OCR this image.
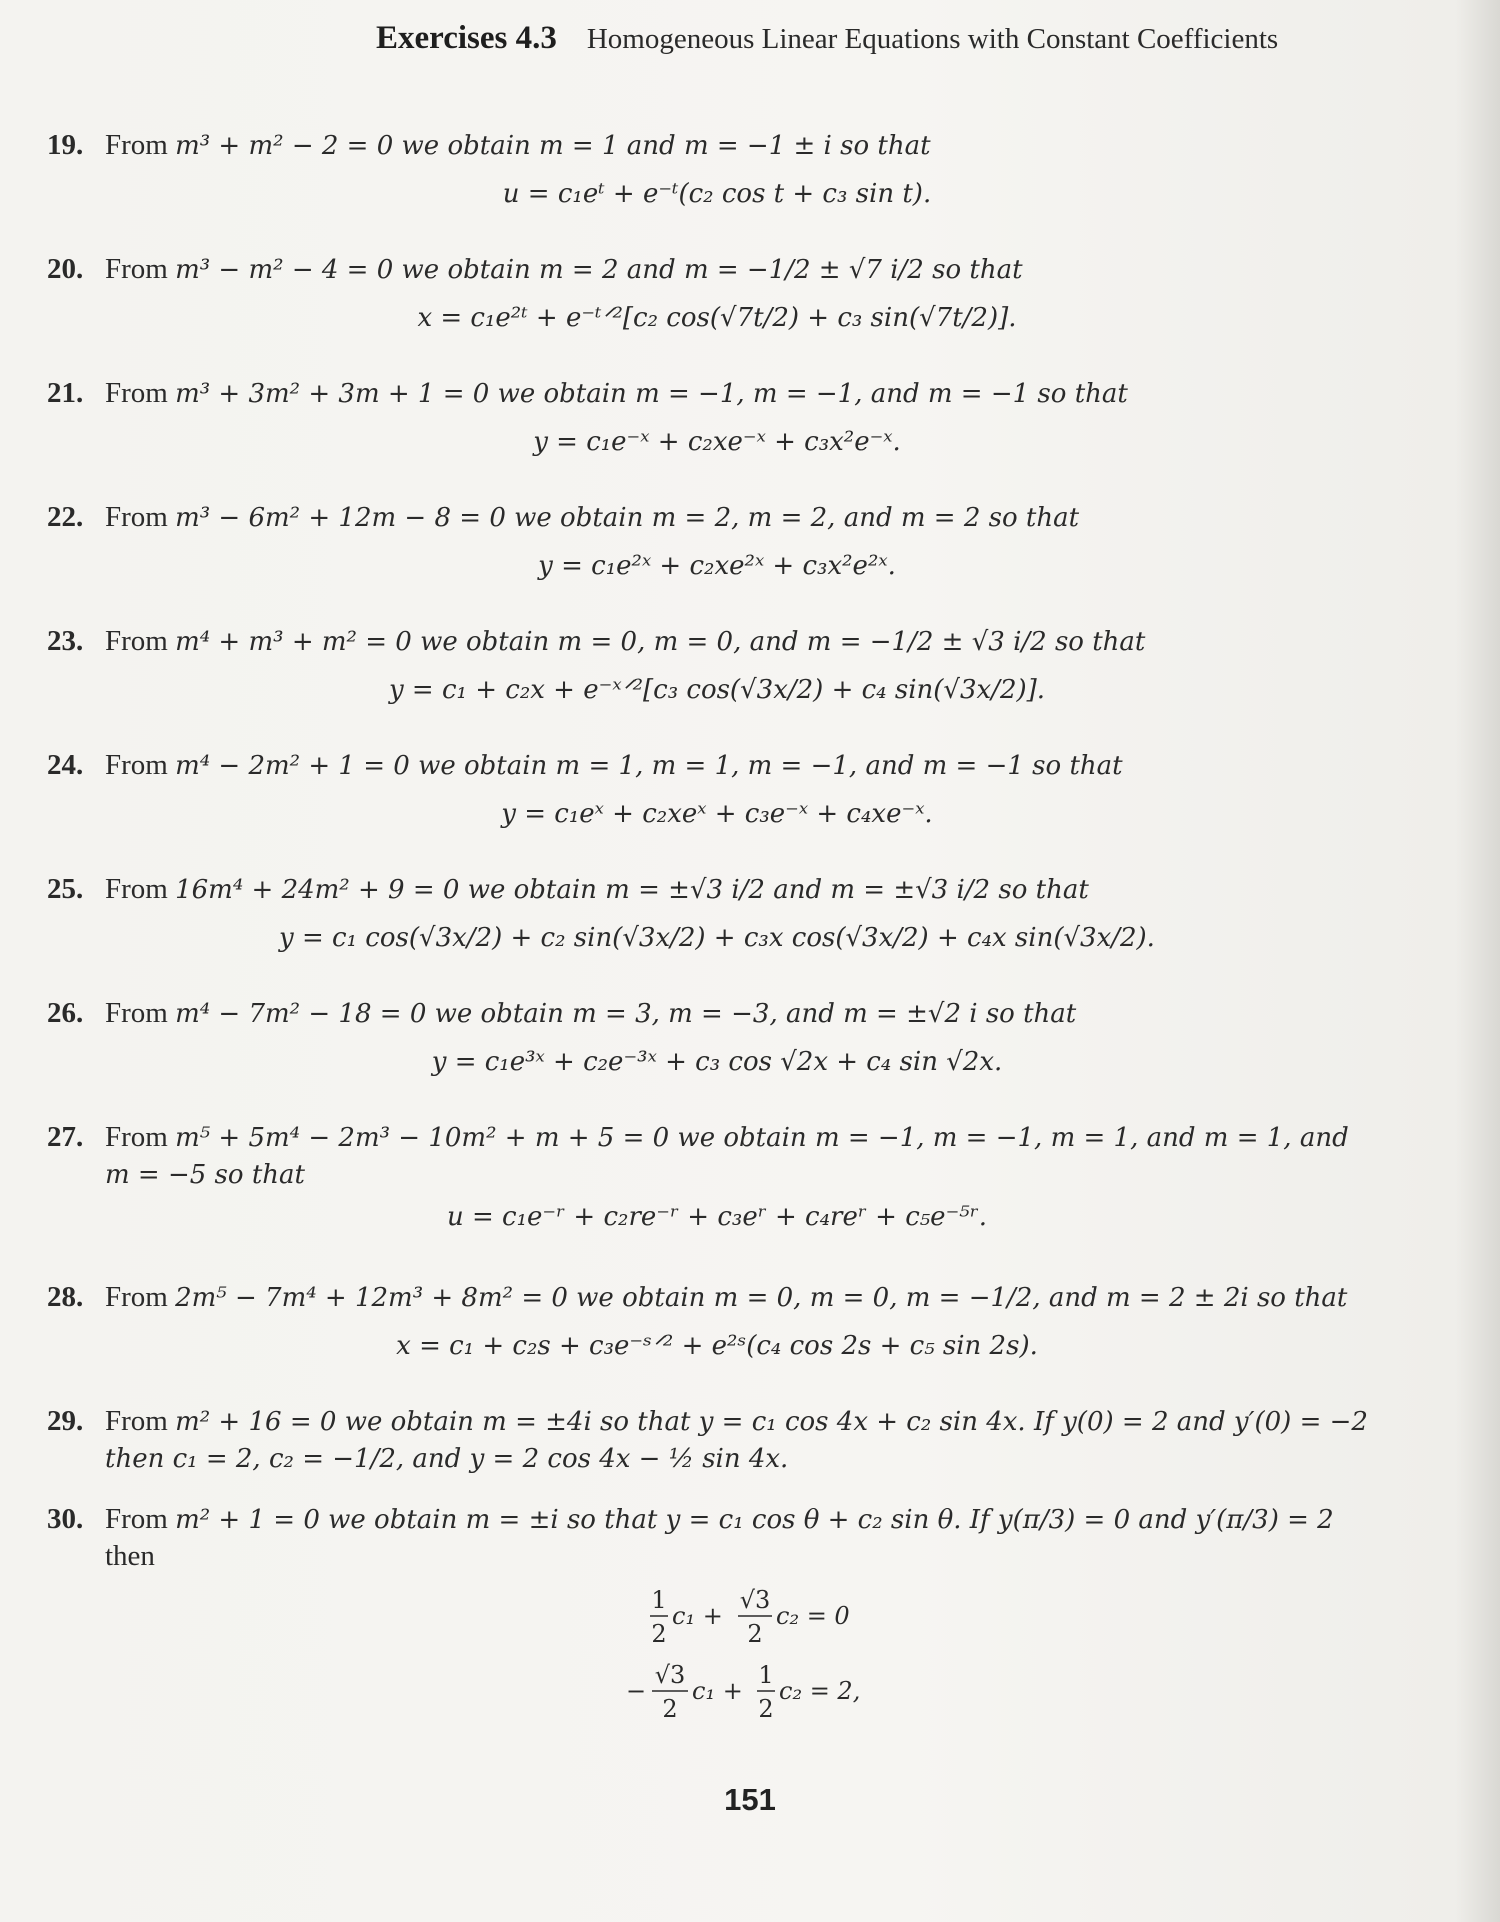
Exercises 4.3 Homogeneous Linear Equations with Constant Coefficients
19. From m³ + m² − 2 = 0 we obtain m = 1 and m = −1 ± i so that
u = c₁eᵗ + e⁻ᵗ(c₂ cos t + c₃ sin t).
20. From m³ − m² − 4 = 0 we obtain m = 2 and m = −1/2 ± √7 i/2 so that
x = c₁e²ᵗ + e⁻ᵗᐟ²[c₂ cos(√7t/2) + c₃ sin(√7t/2)].
21. From m³ + 3m² + 3m + 1 = 0 we obtain m = −1, m = −1, and m = −1 so that
y = c₁e⁻ˣ + c₂xe⁻ˣ + c₃x²e⁻ˣ.
22. From m³ − 6m² + 12m − 8 = 0 we obtain m = 2, m = 2, and m = 2 so that
y = c₁e²ˣ + c₂xe²ˣ + c₃x²e²ˣ.
23. From m⁴ + m³ + m² = 0 we obtain m = 0, m = 0, and m = −1/2 ± √3 i/2 so that
y = c₁ + c₂x + e⁻ˣᐟ²[c₃ cos(√3x/2) + c₄ sin(√3x/2)].
24. From m⁴ − 2m² + 1 = 0 we obtain m = 1, m = 1, m = −1, and m = −1 so that
y = c₁eˣ + c₂xeˣ + c₃e⁻ˣ + c₄xe⁻ˣ.
25. From 16m⁴ + 24m² + 9 = 0 we obtain m = ±√3 i/2 and m = ±√3 i/2 so that
y = c₁ cos(√3x/2) + c₂ sin(√3x/2) + c₃x cos(√3x/2) + c₄x sin(√3x/2).
26. From m⁴ − 7m² − 18 = 0 we obtain m = 3, m = −3, and m = ±√2 i so that
y = c₁e³ˣ + c₂e⁻³ˣ + c₃ cos √2x + c₄ sin √2x.
27. From m⁵ + 5m⁴ − 2m³ − 10m² + m + 5 = 0 we obtain m = −1, m = −1, m = 1, and m = 1, and
m = −5 so that
u = c₁e⁻ʳ + c₂re⁻ʳ + c₃eʳ + c₄reʳ + c₅e⁻⁵ʳ.
28. From 2m⁵ − 7m⁴ + 12m³ + 8m² = 0 we obtain m = 0, m = 0, m = −1/2, and m = 2 ± 2i so that
x = c₁ + c₂s + c₃e⁻ˢᐟ² + e²ˢ(c₄ cos 2s + c₅ sin 2s).
29. From m² + 16 = 0 we obtain m = ±4i so that y = c₁ cos 4x + c₂ sin 4x. If y(0) = 2 and y′(0) = −2
then c₁ = 2, c₂ = −1/2, and y = 2 cos 4x − ½ sin 4x.
30. From m² + 1 = 0 we obtain m = ±i so that y = c₁ cos θ + c₂ sin θ. If y(π/3) = 0 and y′(π/3) = 2
then
1
2
c₁ +
√3
2
c₂ = 0
−
√3
2
c₁ +
1
2
c₂ = 2,
151
